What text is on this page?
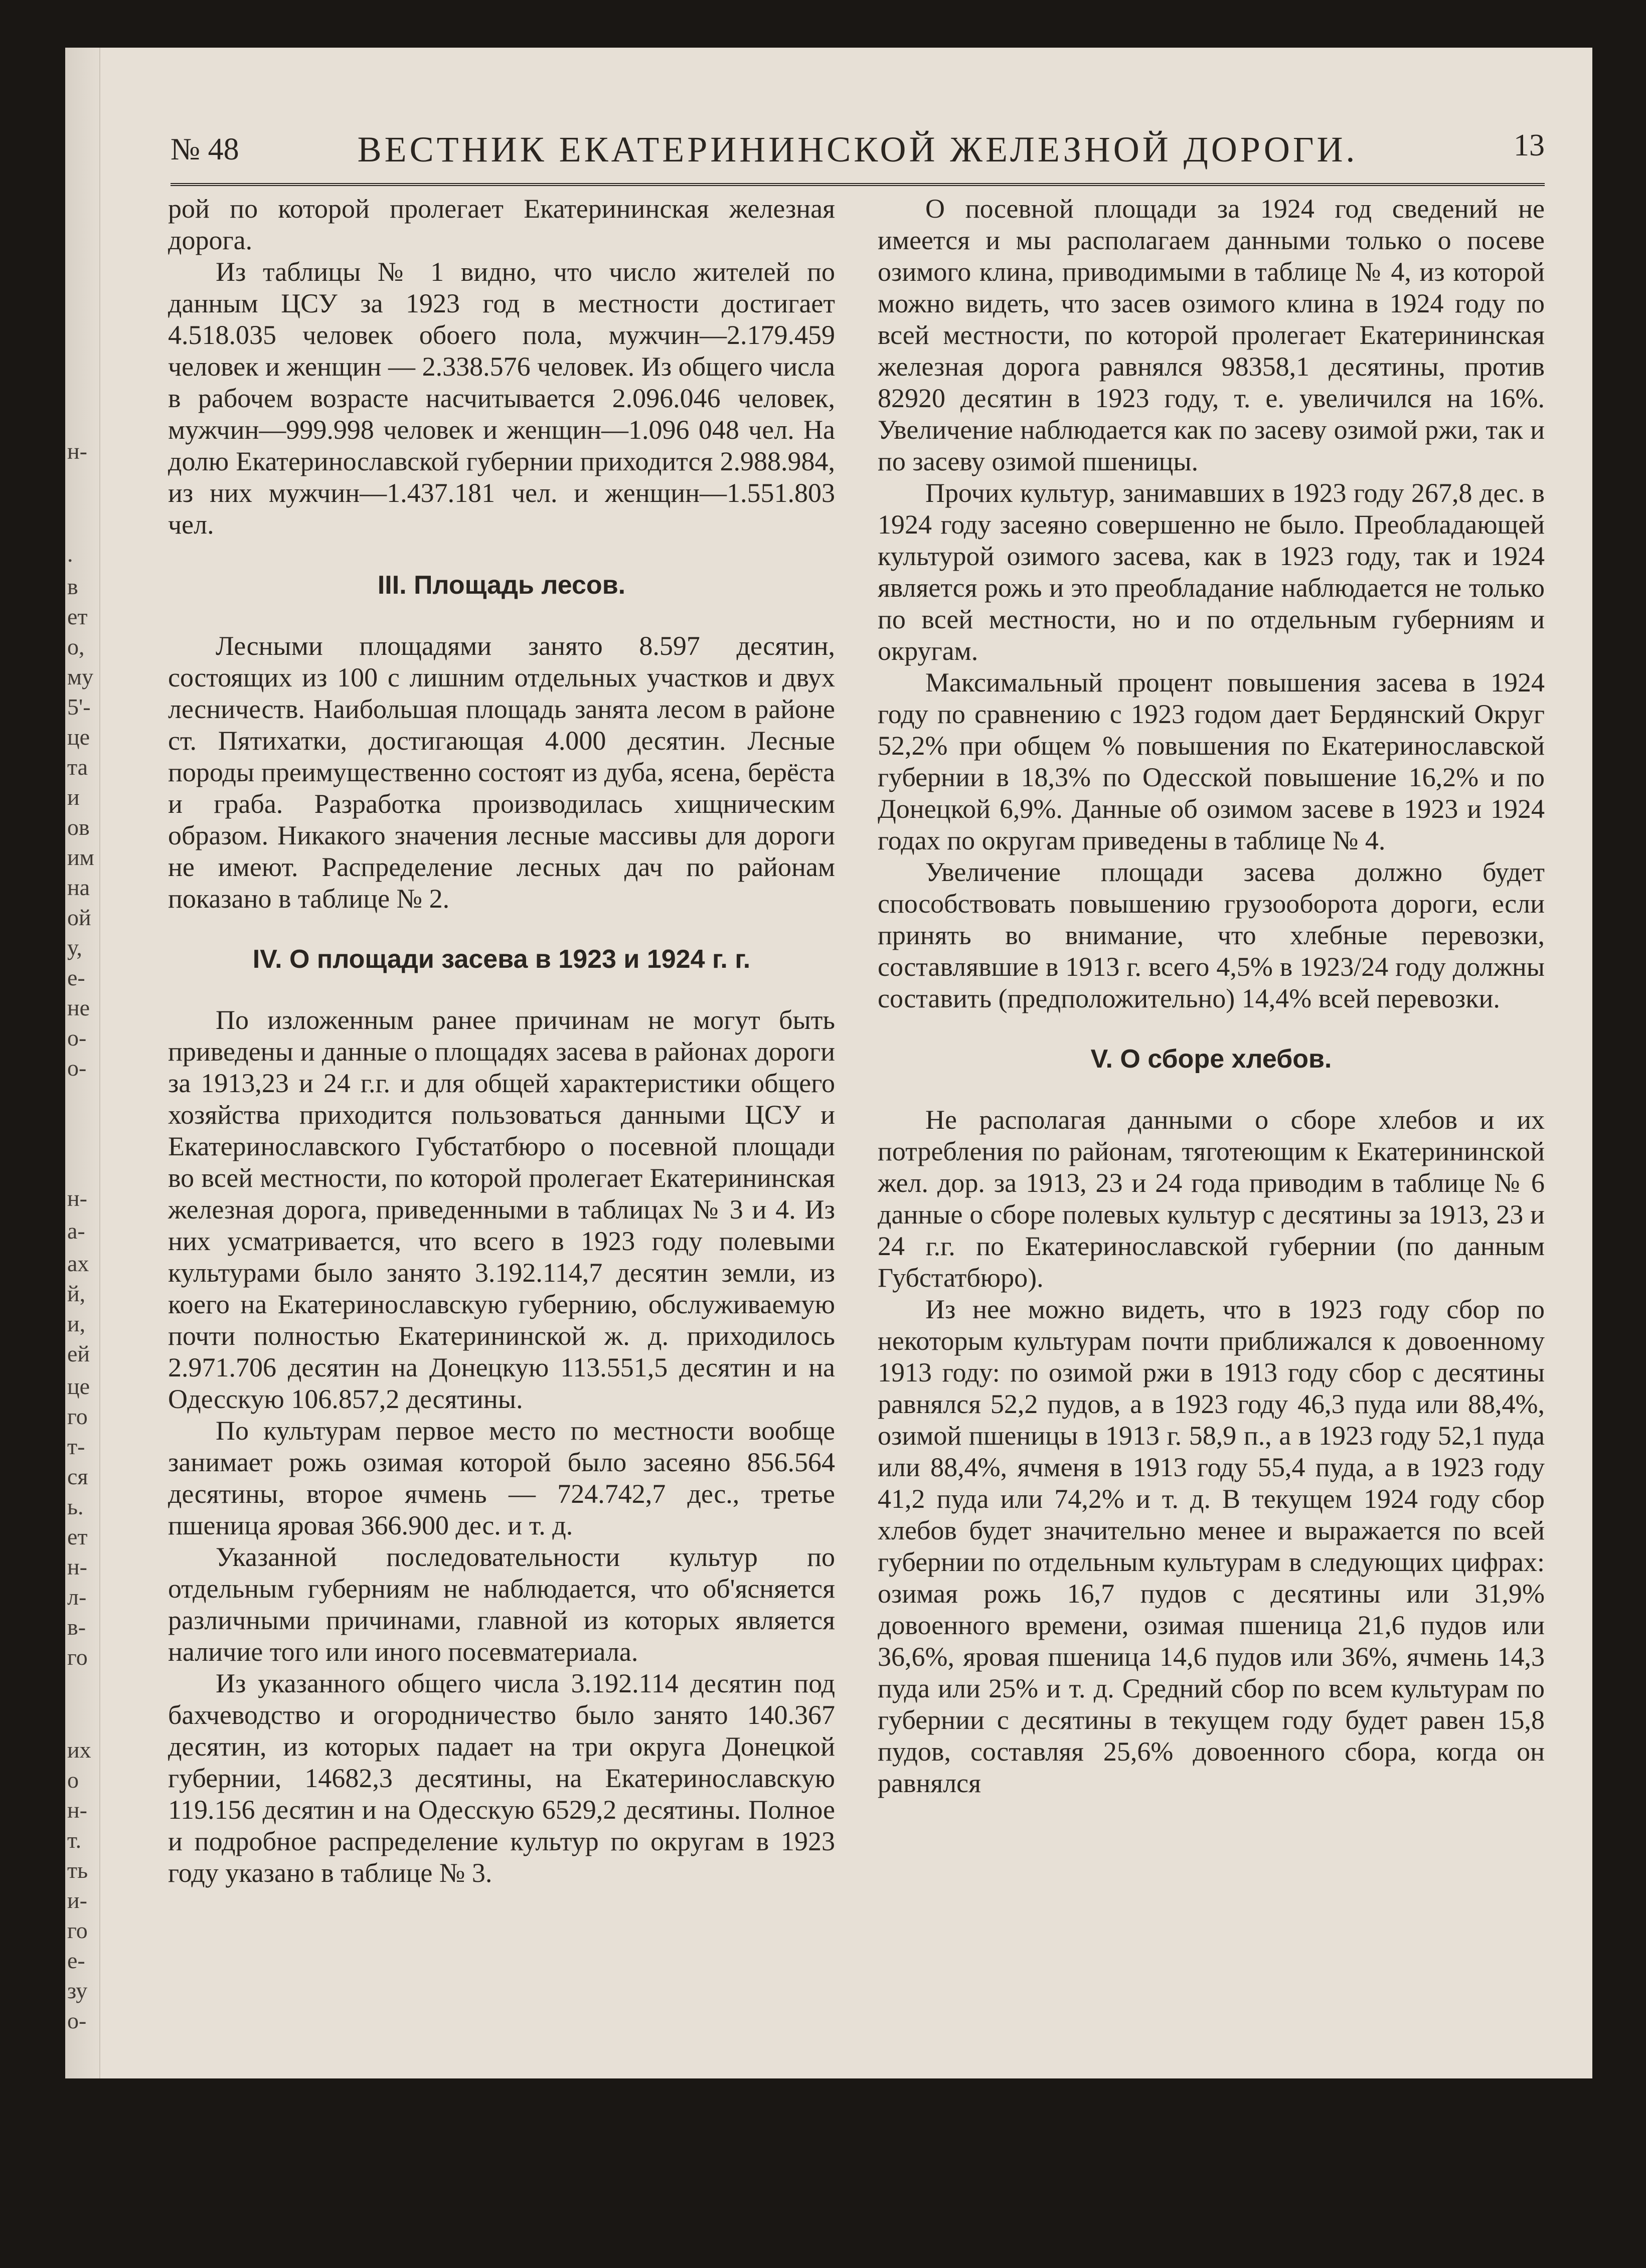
н-
.
в
ет
о,
му
5'-
це
та
и
ов
им
на
ой
у,
е-
не
о-
о-
н-
а-
ах
й,
и,
ей
це
го
т-
ся
ь.
ет
н-
л-
в-
го
их
о
н-
т.
ть
и-
го
е-
зу
о-
№ 48	ВЕСТНИК ЕКАТЕРИНИНСКОЙ ЖЕЛЕЗНОЙ ДОРОГИ.	13

рой по которой пролегает Екатерининская железная дорога.

Из таблицы № 1 видно, что число жителей по данным ЦСУ за 1923 год в местности достигает 4.518.035 человек обоего пола, мужчин—2.179.459 человек и женщин — 2.338.576 человек. Из общего числа в рабочем возрасте насчитывается 2.096.046 человек, мужчин—999.998 человек и женщин—1.096 048 чел. На долю Екатеринославской губернии приходится 2.988.984, из них мужчин—1.437.181 чел. и женщин—1.551.803 чел.

III. Площадь лесов.

Лесными площадями занято 8.597 десятин, состоящих из 100 с лишним отдельных участков и двух лесничеств. Наибольшая площадь занята лесом в районе ст. Пятихатки, достигающая 4.000 десятин. Лесные породы преимущественно состоят из дуба, ясена, берёста и граба. Разработка производилась хищническим образом. Никакого значения лесные массивы для дороги не имеют. Распределение лесных дач по районам показано в таблице № 2.

IV. О площади засева в 1923 и 1924 г. г.

По изложенным ранее причинам не могут быть приведены и данные о площадях засева в районах дороги за 1913,23 и 24 г.г. и для общей характеристики общего хозяйства приходится пользоваться данными ЦСУ и Екатеринославского Губстатбюро о посевной площади во всей местности, по которой пролегает Екатерининская железная дорога, приведенными в таблицах № 3 и 4. Из них усматривается, что всего в 1923 году полевыми культурами было занято 3.192.114,7 десятин земли, из коего на Екатеринославскую губернию, обслуживаемую почти полностью Екатерининской ж. д. приходилось 2.971.706 десятин на Донецкую 113.551,5 десятин и на Одесскую 106.857,2 десятины.

По культурам первое место по местности вообще занимает рожь озимая которой было засеяно 856.564 десятины, второе ячмень — 724.742,7 дес., третье пшеница яровая 366.900 дес. и т. д.

Указанной последовательности культур по отдельным губерниям не наблюдается, что об'ясняется различными причинами, главной из которых является наличие того или иного посевматериала.

Из указанного общего числа 3.192.114 десятин под бахчеводство и огородничество было занято 140.367 десятин, из которых падает на три округа Донецкой губернии, 14682,3 десятины, на Екатеринославскую 119.156 десятин и на Одесскую 6529,2 десятины. Полное и подробное распределение культур по округам в 1923 году указано в таблице № 3.

О посевной площади за 1924 год сведений не имеется и мы располагаем данными только о посеве озимого клина, приводимыми в таблице № 4, из которой можно видеть, что засев озимого клина в 1924 году по всей местности, по которой пролегает Екатерининская железная дорога равнялся 98358,1 десятины, против 82920 десятин в 1923 году, т. е. увеличился на 16%. Увеличение наблюдается как по засеву озимой ржи, так и по засеву озимой пшеницы.

Прочих культур, занимавших в 1923 году 267,8 дес. в 1924 году засеяно совершенно не было. Преобладающей культурой озимого засева, как в 1923 году, так и 1924 является рожь и это преобладание наблюдается не только по всей местности, но и по отдельным губерниям и округам.

Максимальный процент повышения засева в 1924 году по сравнению с 1923 годом дает Бердянский Округ 52,2% при общем % повышения по Екатеринославской губернии в 18,3% по Одесской повышение 16,2% и по Донецкой 6,9%. Данные об озимом засеве в 1923 и 1924 годах по округам приведены в таблице № 4.

Увеличение площади засева должно будет способствовать повышению грузооборота дороги, если принять во внимание, что хлебные перевозки, составлявшие в 1913 г. всего 4,5% в 1923/24 году должны составить (предположительно) 14,4% всей перевозки.

V. О сборе хлебов.

Не располагая данными о сборе хлебов и их потребления по районам, тяготеющим к Екатерининской жел. дор. за 1913, 23 и 24 года приводим в таблице № 6 данные о сборе полевых культур с десятины за 1913, 23 и 24 г.г. по Екатеринославской губернии (по данным Губстатбюро).

Из нее можно видеть, что в 1923 году сбор по некоторым культурам почти приближался к довоенному 1913 году: по озимой ржи в 1913 году сбор с десятины равнялся 52,2 пудов, а в 1923 году 46,3 пуда или 88,4%, озимой пшеницы в 1913 г. 58,9 п., а в 1923 году 52,1 пуда или 88,4%, ячменя в 1913 году 55,4 пуда, а в 1923 году 41,2 пуда или 74,2% и т. д. В текущем 1924 году сбор хлебов будет значительно менее и выражается по всей губернии по отдельным культурам в следующих цифрах: озимая рожь 16,7 пудов с десятины или 31,9% довоенного времени, озимая пшеница 21,6 пудов или 36,6%, яровая пшеница 14,6 пудов или 36%, ячмень 14,3 пуда или 25% и т. д. Средний сбор по всем культурам по губернии с десятины в текущем году будет равен 15,8 пудов, составляя 25,6% довоенного сбора, когда он равнялся
